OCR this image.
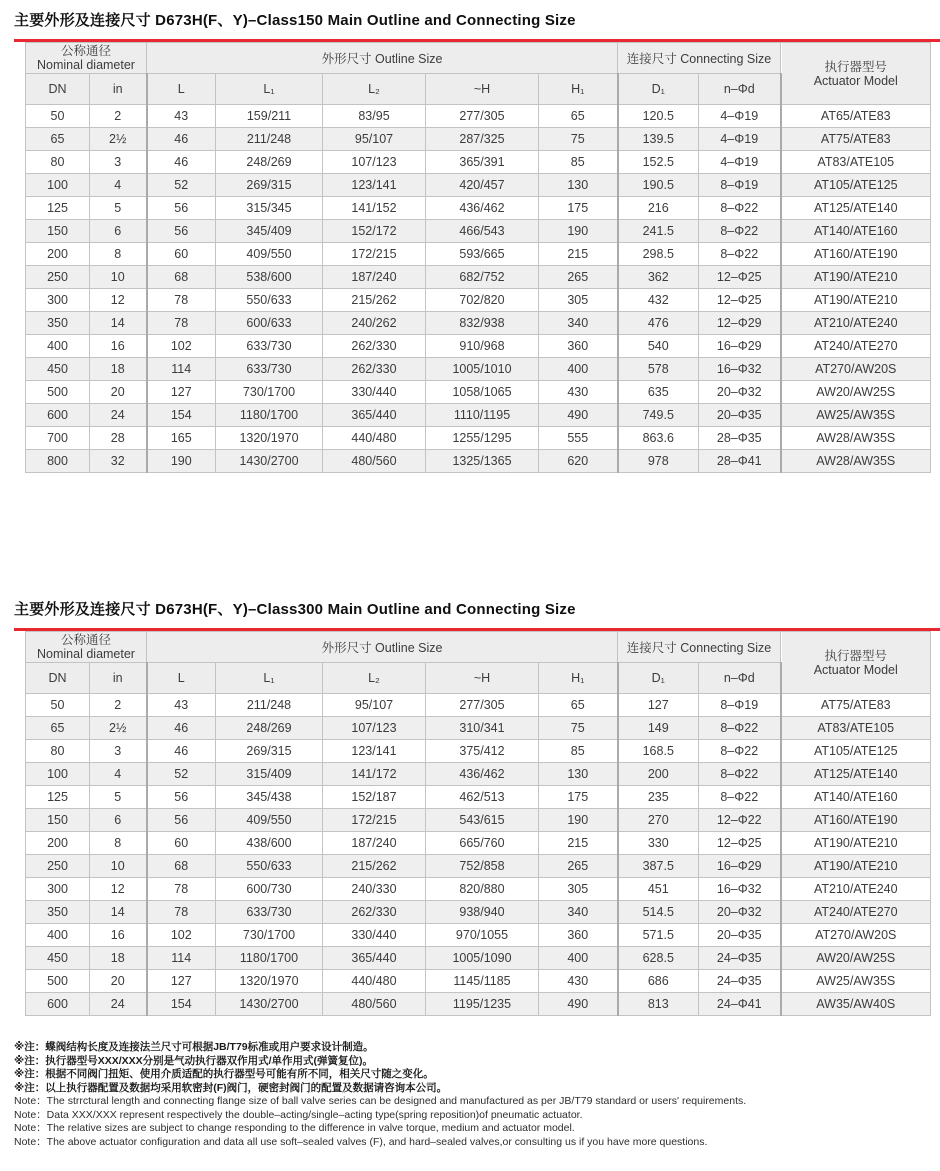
主要外形及连接尺寸 D673H(F、Y)–Class150 Main Outline and Connecting Size
公称通径
Nominal diameter		外形尺寸 Outline Size					连接尺寸 Connecting Size		执行器型号
Actuator Model
DN	in	L	L₁	L₂	~H	H₁	D₁	n–Φd	
50	2	43	159/211	83/95	277/305	65	120.5	4–Φ19	AT65/ATE83
65	2½	46	211/248	95/107	287/325	75	139.5	4–Φ19	AT75/ATE83
80	3	46	248/269	107/123	365/391	85	152.5	4–Φ19	AT83/ATE105
100	4	52	269/315	123/141	420/457	130	190.5	8–Φ19	AT105/ATE125
125	5	56	315/345	141/152	436/462	175	216	8–Φ22	AT125/ATE140
150	6	56	345/409	152/172	466/543	190	241.5	8–Φ22	AT140/ATE160
200	8	60	409/550	172/215	593/665	215	298.5	8–Φ22	AT160/ATE190
250	10	68	538/600	187/240	682/752	265	362	12–Φ25	AT190/ATE210
300	12	78	550/633	215/262	702/820	305	432	12–Φ25	AT190/ATE210
350	14	78	600/633	240/262	832/938	340	476	12–Φ29	AT210/ATE240
400	16	102	633/730	262/330	910/968	360	540	16–Φ29	AT240/ATE270
450	18	114	633/730	262/330	1005/1010	400	578	16–Φ32	AT270/AW20S
500	20	127	730/1700	330/440	1058/1065	430	635	20–Φ32	AW20/AW25S
600	24	154	1180/1700	365/440	1110/1195	490	749.5	20–Φ35	AW25/AW35S
700	28	165	1320/1970	440/480	1255/1295	555	863.6	28–Φ35	AW28/AW35S
800	32	190	1430/2700	480/560	1325/1365	620	978	28–Φ41	AW28/AW35S
主要外形及连接尺寸 D673H(F、Y)–Class300 Main Outline and Connecting Size
公称通径
Nominal diameter		外形尺寸 Outline Size					连接尺寸 Connecting Size		执行器型号
Actuator Model
DN	in	L	L₁	L₂	~H	H₁	D₁	n–Φd	
50	2	43	211/248	95/107	277/305	65	127	8–Φ19	AT75/ATE83
65	2½	46	248/269	107/123	310/341	75	149	8–Φ22	AT83/ATE105
80	3	46	269/315	123/141	375/412	85	168.5	8–Φ22	AT105/ATE125
100	4	52	315/409	141/172	436/462	130	200	8–Φ22	AT125/ATE140
125	5	56	345/438	152/187	462/513	175	235	8–Φ22	AT140/ATE160
150	6	56	409/550	172/215	543/615	190	270	12–Φ22	AT160/ATE190
200	8	60	438/600	187/240	665/760	215	330	12–Φ25	AT190/ATE210
250	10	68	550/633	215/262	752/858	265	387.5	16–Φ29	AT190/ATE210
300	12	78	600/730	240/330	820/880	305	451	16–Φ32	AT210/ATE240
350	14	78	633/730	262/330	938/940	340	514.5	20–Φ32	AT240/ATE270
400	16	102	730/1700	330/440	970/1055	360	571.5	20–Φ35	AT270/AW20S
450	18	114	1180/1700	365/440	1005/1090	400	628.5	24–Φ35	AW20/AW25S
500	20	127	1320/1970	440/480	1145/1185	430	686	24–Φ35	AW25/AW35S
600	24	154	1430/2700	480/560	1195/1235	490	813	24–Φ41	AW35/AW40S
※注：蝶阀结构长度及连接法兰尺寸可根据JB/T79标准或用户要求设计制造。
※注：执行器型号XXX/XXX分别是气动执行器双作用式/单作用式(弹簧复位)。
※注：根据不同阀门扭矩、使用介质适配的执行器型号可能有所不同，相关尺寸随之变化。
※注：以上执行器配置及数据均采用软密封(F)阀门，硬密封阀门的配置及数据请咨询本公司。
Note：The strrctural length and connecting flange size of ball valve series can be designed and manufactured as per JB/T79 standard or users' requirements.
Note：Data XXX/XXX represent respectively the double–acting/single–acting type(spring reposition)of pneumatic actuator.
Note：The relative sizes are subject to change responding to the difference in valve torque, medium and actuator model.
Note：The above actuator configuration and data all use soft–sealed valves (F), and hard–sealed valves,or consulting us if you have more questions.
